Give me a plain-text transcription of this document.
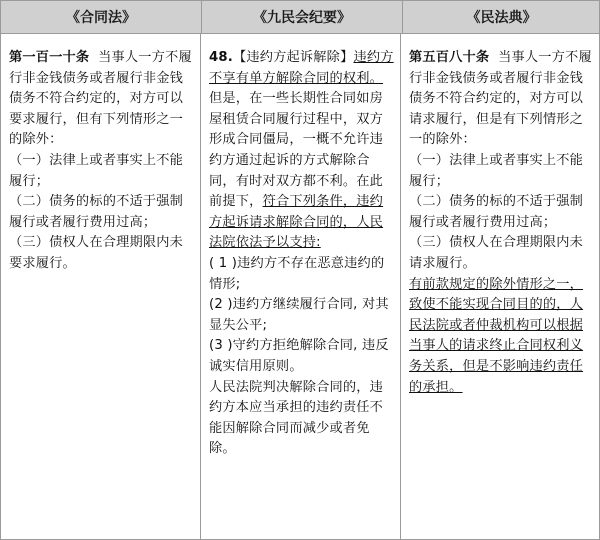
《合同法》	《九民会纪要》	《民法典》

第一百一十条 当事人一方不履行非金钱债务或者履行非金钱债务不符合约定的，对方可以要求履行，但有下列情形之一的除外：

（一）法律上或者事实上不能履行；

（二）债务的标的不适于强制履行或者履行费用过高；

（三）债权人在合理期限内未要求履行。

48.【违约方起诉解除】违约方不享有单方解除合同的权利。但是，在一些长期性合同如房屋租赁合同履行过程中，双方形成合同僵局，一概不允许违约方通过起诉的方式解除合同，有时对双方都不利。在此前提下，符合下列条件，违约方起诉请求解除合同的，人民法院依法予以支持:

( 1 )违约方不存在恶意违约的情形;

(2 )违约方继续履行合同, 对其显失公平;

(3 )守约方拒绝解除合同, 违反诚实信用原则。

人民法院判决解除合同的，违约方本应当承担的违约责任不能因解除合同而减少或者免除。

第五百八十条 当事人一方不履行非金钱债务或者履行非金钱债务不符合约定的，对方可以请求履行，但是有下列情形之一的除外：

（一）法律上或者事实上不能履行；

（二）债务的标的不适于强制履行或者履行费用过高；

（三）债权人在合理期限内未请求履行。

有前款规定的除外情形之一，致使不能实现合同目的的，人民法院或者仲裁机构可以根据当事人的请求终止合同权利义务关系，但是不影响违约责任的承担。
